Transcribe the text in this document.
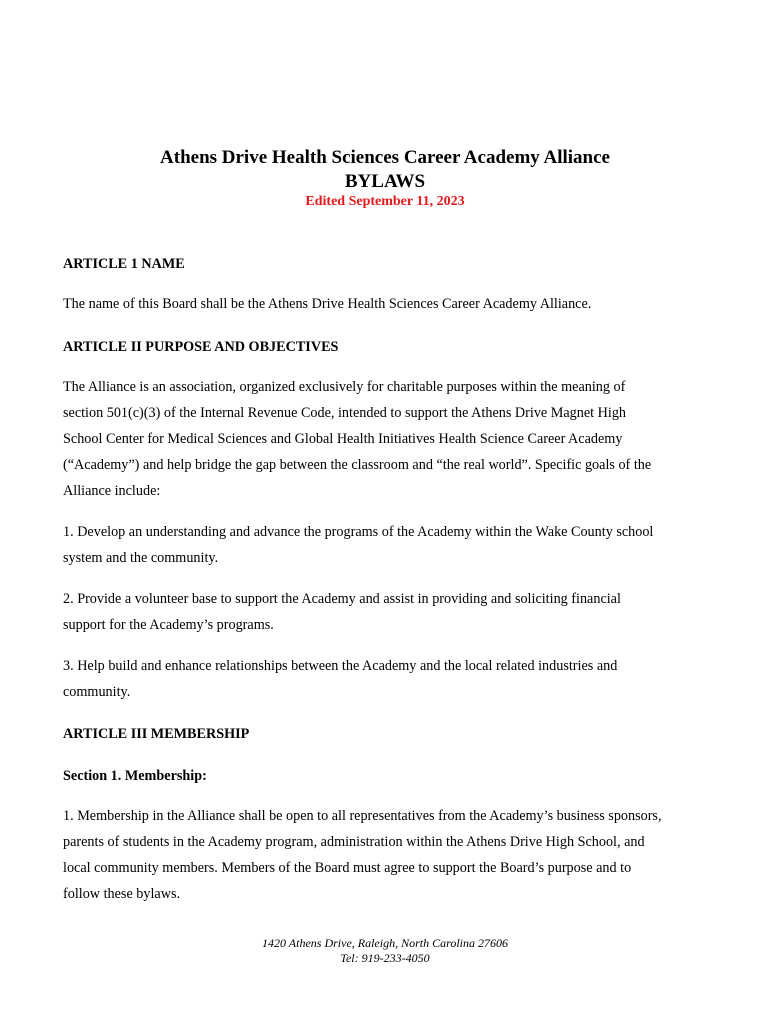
Athens Drive Health Sciences Career Academy Alliance
BYLAWS
Edited September 11, 2023
ARTICLE 1 NAME
The name of this Board shall be the Athens Drive Health Sciences Career Academy Alliance.
ARTICLE II PURPOSE AND OBJECTIVES
The Alliance is an association, organized exclusively for charitable purposes within the meaning of
section 501(c)(3) of the Internal Revenue Code, intended to support the Athens Drive Magnet High
School Center for Medical Sciences and Global Health Initiatives Health Science Career Academy
(“Academy”) and help bridge the gap between the classroom and “the real world”. Specific goals of the
Alliance include:
1. Develop an understanding and advance the programs of the Academy within the Wake County school
system and the community.
2. Provide a volunteer base to support the Academy and assist in providing and soliciting financial
support for the Academy’s programs.
3. Help build and enhance relationships between the Academy and the local related industries and
community.
ARTICLE III MEMBERSHIP
Section 1. Membership:
1. Membership in the Alliance shall be open to all representatives from the Academy’s business sponsors,
parents of students in the Academy program, administration within the Athens Drive High School, and
local community members. Members of the Board must agree to support the Board’s purpose and to
follow these bylaws.
1420 Athens Drive, Raleigh, North Carolina 27606
Tel: 919-233-4050
